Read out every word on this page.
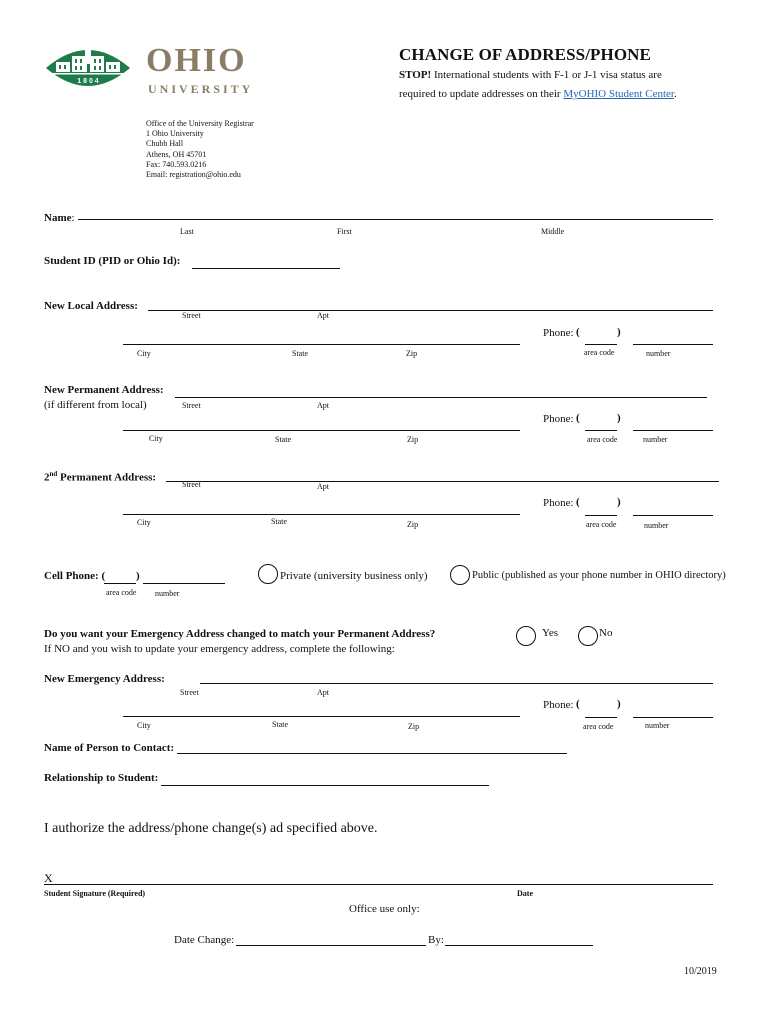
1 8 0 4
OHIO
UNIVERSITY
CHANGE OF ADDRESS/PHONE
STOP! International students with F-1 or J-1 visa status are required to update addresses on their MyOHIO Student Center.
Office of the University Registrar
1 Ohio University
Chubb Hall
Athens, OH 45701
Fax: 740.593.0216
Email: registration@ohio.edu
Name:
Last	First	Middle
Student ID (PID or Ohio Id):
New Local Address:
Street	Apt
Phone: (	)
City	State	Zip	area code	number
New Permanent Address:
(if different from local)	Street	Apt
Phone: (	)
City	State	Zip	area code	number
2nd Permanent Address:
Street	Apt
Phone: (	)
City	State	Zip	area code	number
Cell Phone: (	)
area code number
Private (university business only)	Public (published as your phone number in OHIO directory)
Do you want your Emergency Address changed to match your Permanent Address?
If NO and you wish to update your emergency address, complete the following:
Yes	No
New Emergency Address:
Street	Apt
Phone: (	)
City	State	Zip	area code	number
Name of Person to Contact:
Relationship to Student:
I authorize the address/phone change(s) ad specified above.
X
Student Signature (Required)	Date
Office use only:
Date Change:	By:
10/2019
